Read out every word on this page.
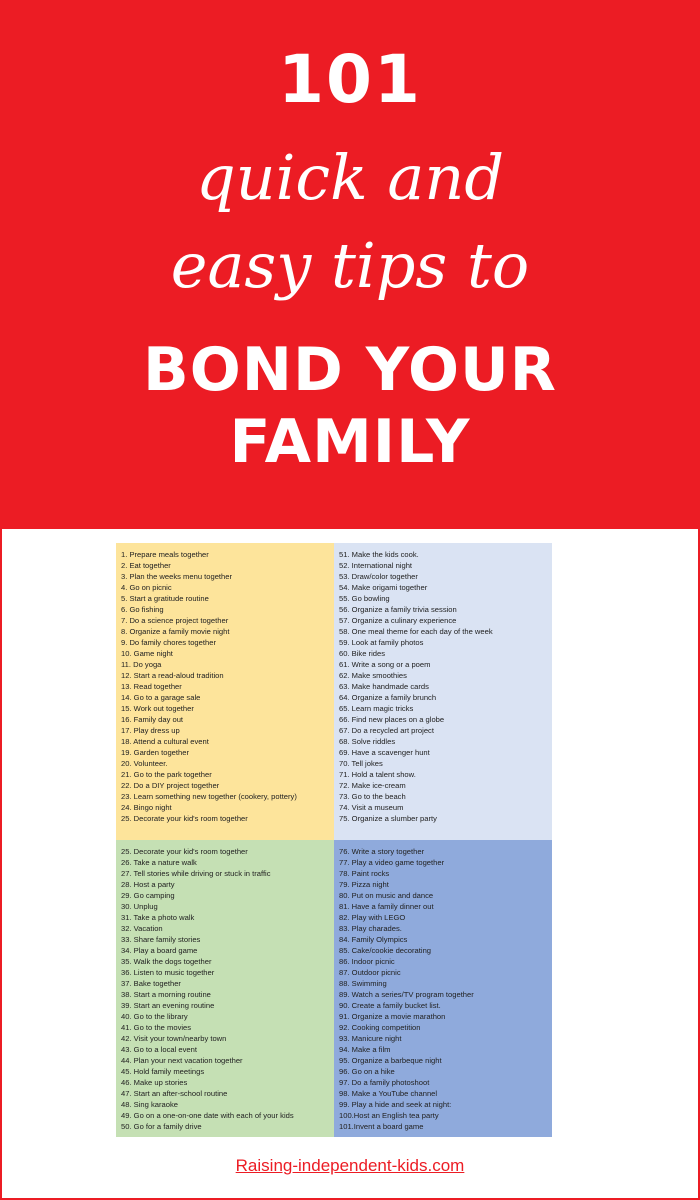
101
quick and
easy tips to
BOND YOUR
FAMILY
1. Prepare meals together
2. Eat together
3. Plan the weeks menu together
4. Go on picnic
5. Start a gratitude routine
6. Go fishing
7. Do a science project together
8. Organize a family movie night
9. Do family chores together
10. Game night
11. Do yoga
12. Start a read-aloud tradition
13. Read together
14. Go to a garage sale
15. Work out together
16. Family day out
17. Play dress up
18. Attend a cultural event
19. Garden together
20. Volunteer.
21. Go to the park together
22. Do a DIY project together
23. Learn something new together (cookery, pottery)
24. Bingo night
25. Decorate your kid's room together
51. Make the kids cook.
52. International night
53. Draw/color together
54. Make origami together
55. Go bowling
56. Organize a family trivia session
57. Organize a culinary experience
58. One meal theme for each day of the week
59. Look at family photos
60. Bike rides
61. Write a song or a poem
62. Make smoothies
63. Make handmade cards
64. Organize a family brunch
65. Learn magic tricks
66. Find new places on a globe
67. Do a recycled art project
68. Solve riddles
69. Have a scavenger hunt
70. Tell jokes
71. Hold a talent show.
72. Make ice-cream
73. Go to the beach
74. Visit a museum
75. Organize a slumber party
25. Decorate your kid's room together
26. Take a nature walk
27. Tell stories while driving or stuck in traffic
28. Host a party
29. Go camping
30. Unplug
31. Take a photo walk
32. Vacation
33. Share family stories
34. Play a board game
35. Walk the dogs together
36. Listen to music together
37. Bake together
38. Start a morning routine
39. Start an evening routine
40. Go to the library
41. Go to the movies
42. Visit your town/nearby town
43. Go to a local event
44. Plan your next vacation together
45. Hold family meetings
46. Make up stories
47. Start an after-school routine
48. Sing karaoke
49. Go on a one-on-one date with each of your kids
50. Go for a family drive
76. Write a story together
77. Play a video game together
78. Paint rocks
79. Pizza night
80. Put on music and dance
81. Have a family dinner out
82. Play with LEGO
83. Play charades.
84. Family Olympics
85. Cake/cookie decorating
86. Indoor picnic
87. Outdoor picnic
88. Swimming
89. Watch a series/TV program together
90. Create a family bucket list.
91. Organize a movie marathon
92. Cooking competition
93. Manicure night
94. Make a film
95. Organize a barbeque night
96. Go on a hike
97. Do a family photoshoot
98. Make a YouTube channel
99. Play a hide and seek at night:
100.Host an English tea party
101.Invent a board game
Raising-independent-kids.com
